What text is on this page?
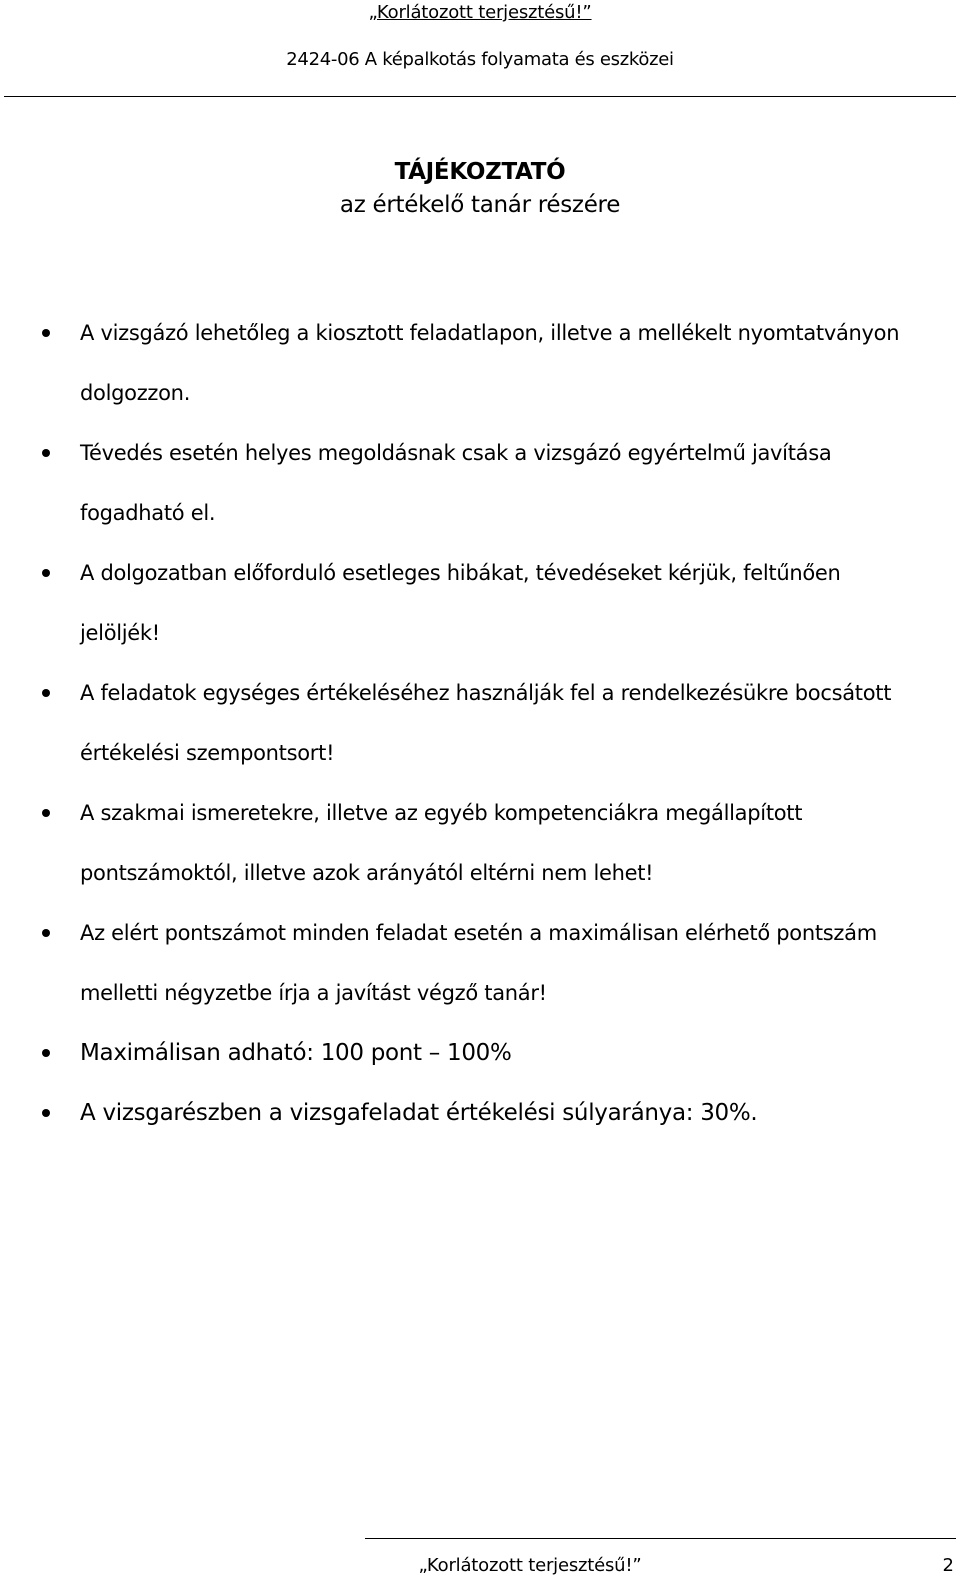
„Korlátozott terjesztésű!”
2424-06 A képalkotás folyamata és eszközei
TÁJÉKOZTATÓ
az értékelő tanár részére
A vizsgázó lehetőleg a kiosztott feladatlapon, illetve a mellékelt nyomtatványon dolgozzon.
Tévedés esetén helyes megoldásnak csak a vizsgázó egyértelmű javítása fogadható el.
A dolgozatban előforduló esetleges hibákat, tévedéseket kérjük, feltűnően jelöljék!
A feladatok egységes értékeléséhez használják fel a rendelkezésükre bocsátott értékelési szempontsort!
A szakmai ismeretekre, illetve az egyéb kompetenciákra megállapított pontszámoktól, illetve azok arányától eltérni nem lehet!
Az elért pontszámot minden feladat esetén a maximálisan elérhető pontszám melletti négyzetbe írja a javítást végző tanár!
Maximálisan adható: 100 pont – 100%
A vizsgarészben a vizsgafeladat értékelési súlyaránya: 30%.
„Korlátozott terjesztésű!”	2
